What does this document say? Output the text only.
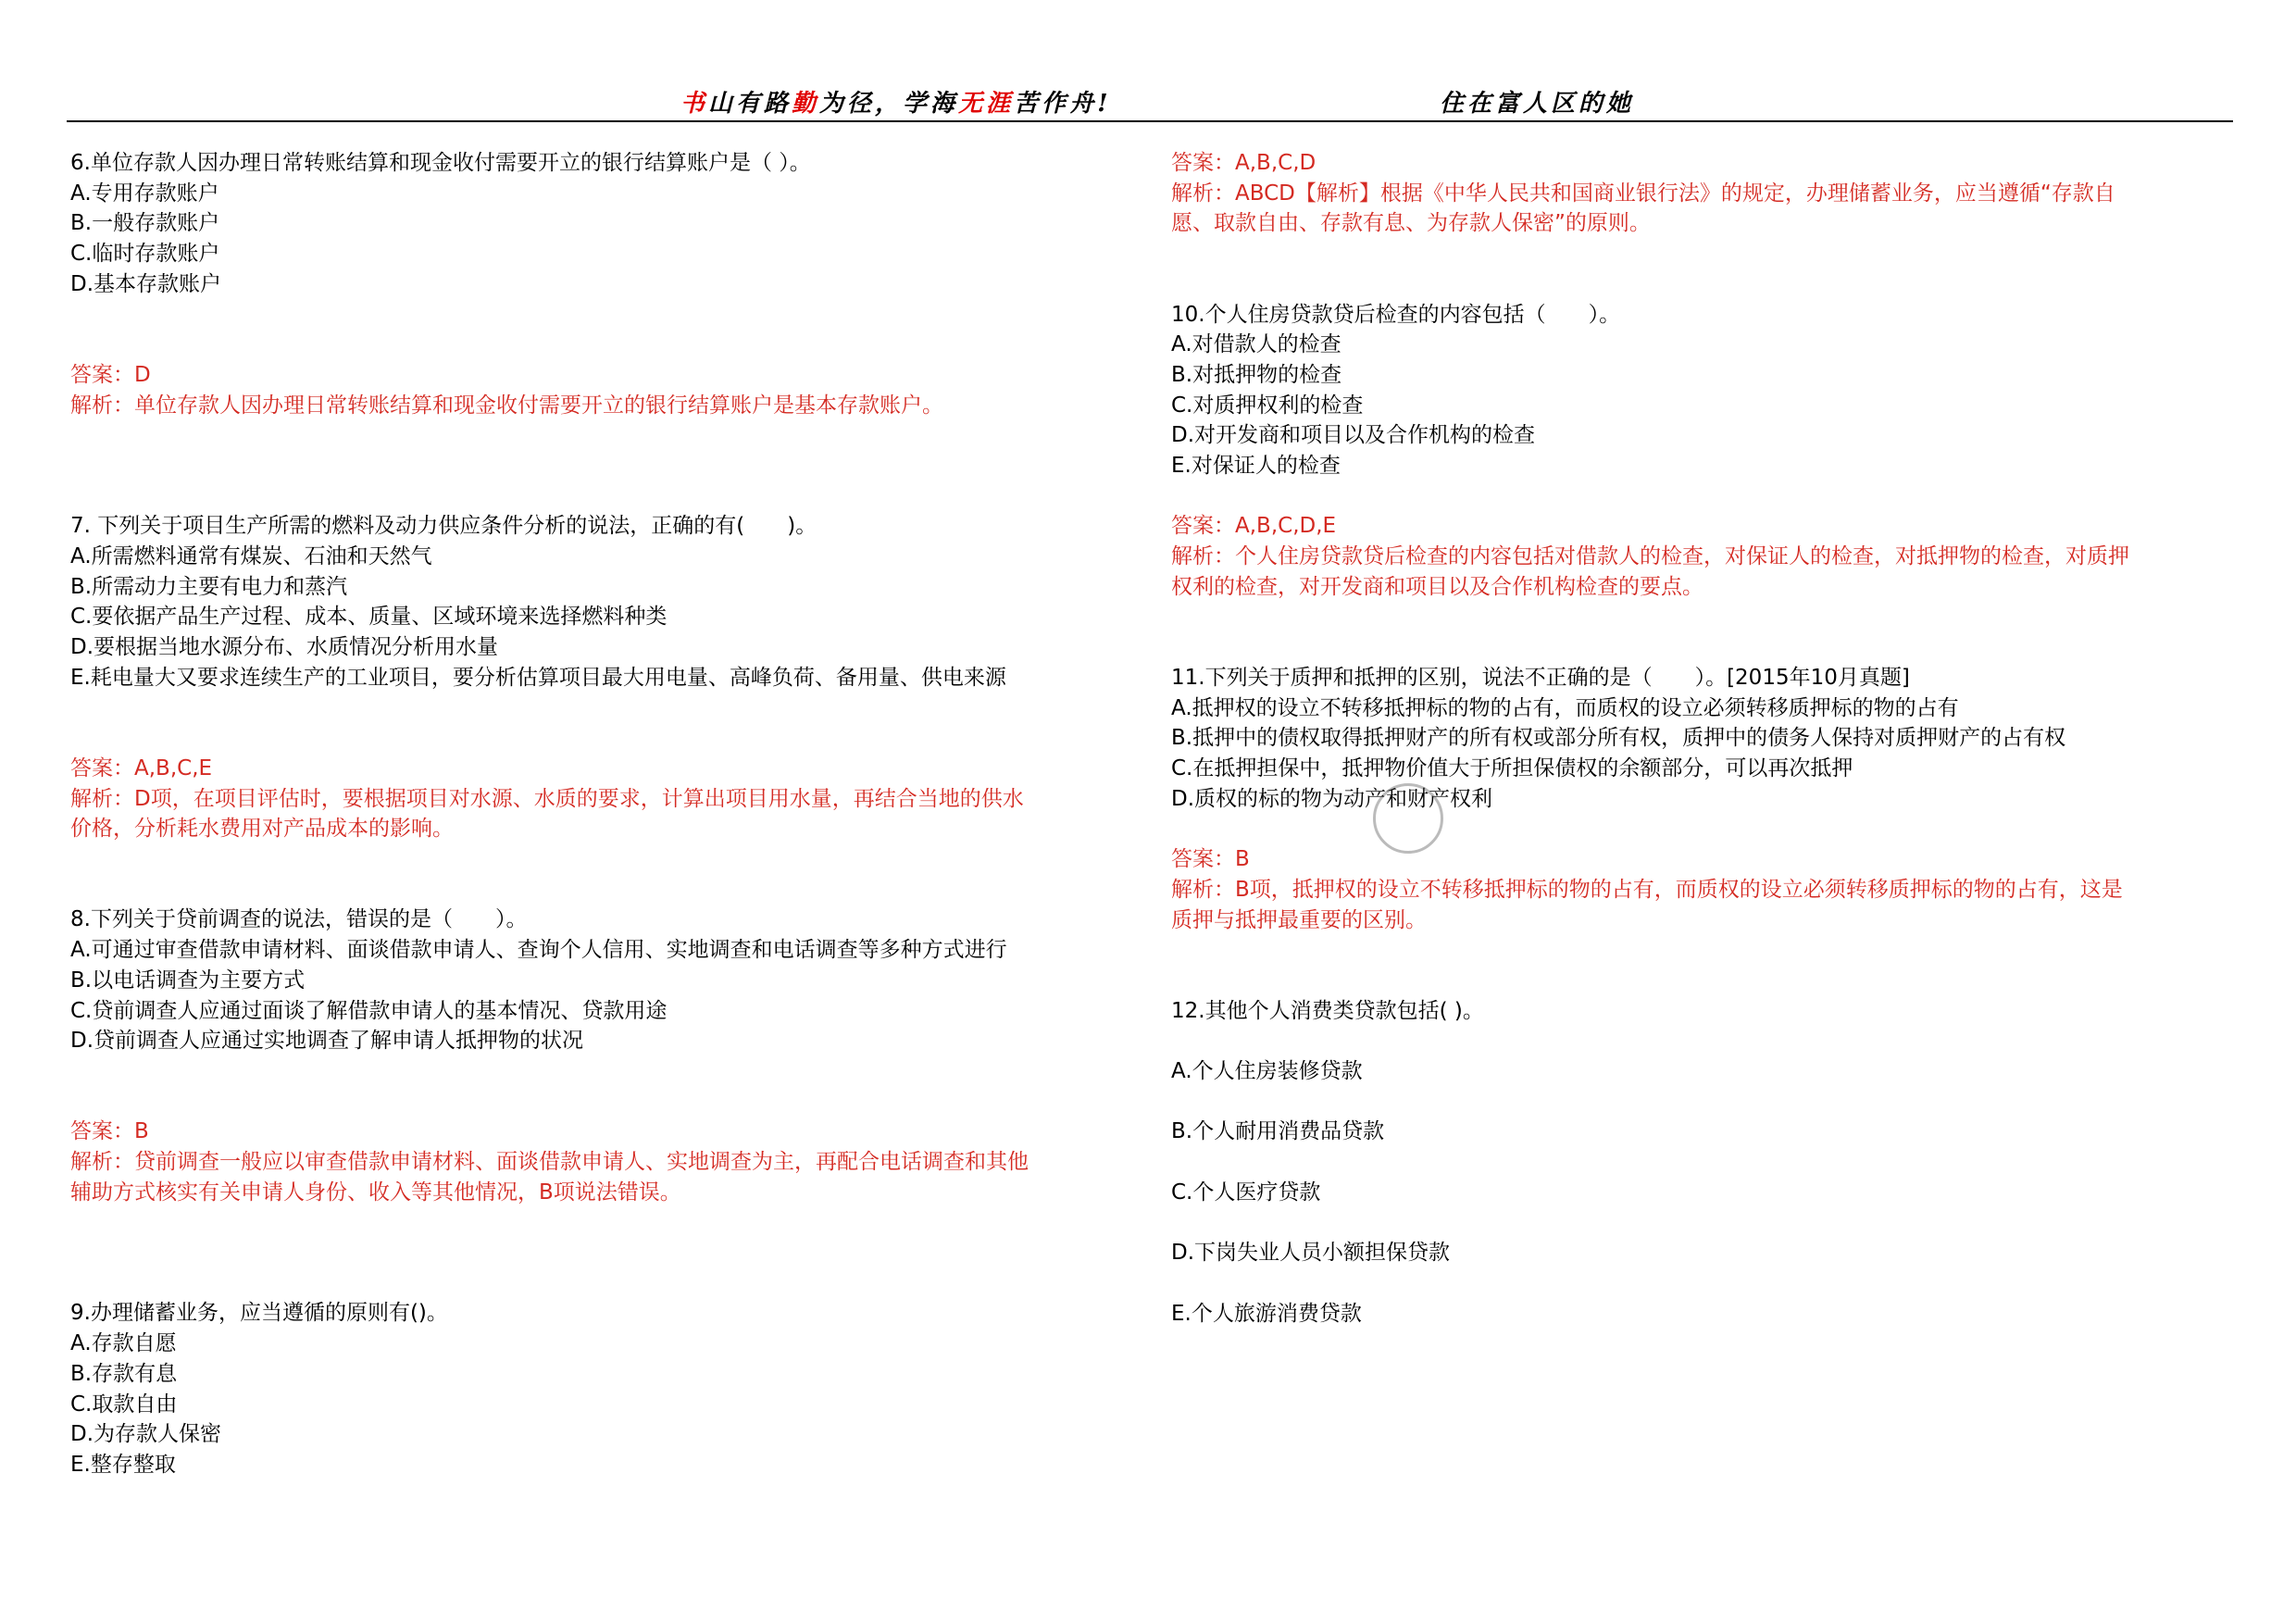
书山有路勤为径，学海无涯苦作舟!	住在富人区的她
6.单位存款人因办理日常转账结算和现金收付需要开立的银行结算账户是（ ）。
A.专用存款账户
B.一般存款账户
C.临时存款账户
D.基本存款账户
答案：D
解析：单位存款人因办理日常转账结算和现金收付需要开立的银行结算账户是基本存款账户。
7. 下列关于项目生产所需的燃料及动力供应条件分析的说法，正确的有(　　)。
A.所需燃料通常有煤炭、石油和天然气
B.所需动力主要有电力和蒸汽
C.要依据产品生产过程、成本、质量、区域环境来选择燃料种类
D.要根据当地水源分布、水质情况分析用水量
E.耗电量大又要求连续生产的工业项目，要分析估算项目最大用电量、高峰负荷、备用量、供电来源
答案：A,B,C,E
解析：D项，在项目评估时，要根据项目对水源、水质的要求，计算出项目用水量，再结合当地的供水
价格，分析耗水费用对产品成本的影响。
8.下列关于贷前调查的说法，错误的是（　　）。
A.可通过审查借款申请材料、面谈借款申请人、查询个人信用、实地调查和电话调查等多种方式进行
B.以电话调查为主要方式
C.贷前调查人应通过面谈了解借款申请人的基本情况、贷款用途
D.贷前调查人应通过实地调查了解申请人抵押物的状况
答案：B
解析：贷前调查一般应以审查借款申请材料、面谈借款申请人、实地调查为主，再配合电话调查和其他
辅助方式核实有关申请人身份、收入等其他情况，B项说法错误。
9.办理储蓄业务，应当遵循的原则有()。
A.存款自愿
B.存款有息
C.取款自由
D.为存款人保密
E.整存整取
答案：A,B,C,D
解析：ABCD【解析】根据《中华人民共和国商业银行法》的规定，办理储蓄业务，应当遵循“存款自
愿、取款自由、存款有息、为存款人保密”的原则。
10.个人住房贷款贷后检查的内容包括（　　）。
A.对借款人的检查
B.对抵押物的检查
C.对质押权利的检查
D.对开发商和项目以及合作机构的检查
E.对保证人的检查
答案：A,B,C,D,E
解析：个人住房贷款贷后检查的内容包括对借款人的检查，对保证人的检查，对抵押物的检查，对质押
权利的检查，对开发商和项目以及合作机构检查的要点。
11.下列关于质押和抵押的区别，说法不正确的是（　　）。[2015年10月真题]
A.抵押权的设立不转移抵押标的物的占有，而质权的设立必须转移质押标的物的占有
B.抵押中的债权取得抵押财产的所有权或部分所有权，质押中的债务人保持对质押财产的占有权
C.在抵押担保中，抵押物价值大于所担保债权的余额部分，可以再次抵押
D.质权的标的物为动产和财产权利
答案：B
解析：B项，抵押权的设立不转移抵押标的物的占有，而质权的设立必须转移质押标的物的占有，这是
质押与抵押最重要的区别。
12.其他个人消费类贷款包括( )。
A.个人住房装修贷款
B.个人耐用消费品贷款
C.个人医疗贷款
D.下岗失业人员小额担保贷款
E.个人旅游消费贷款
